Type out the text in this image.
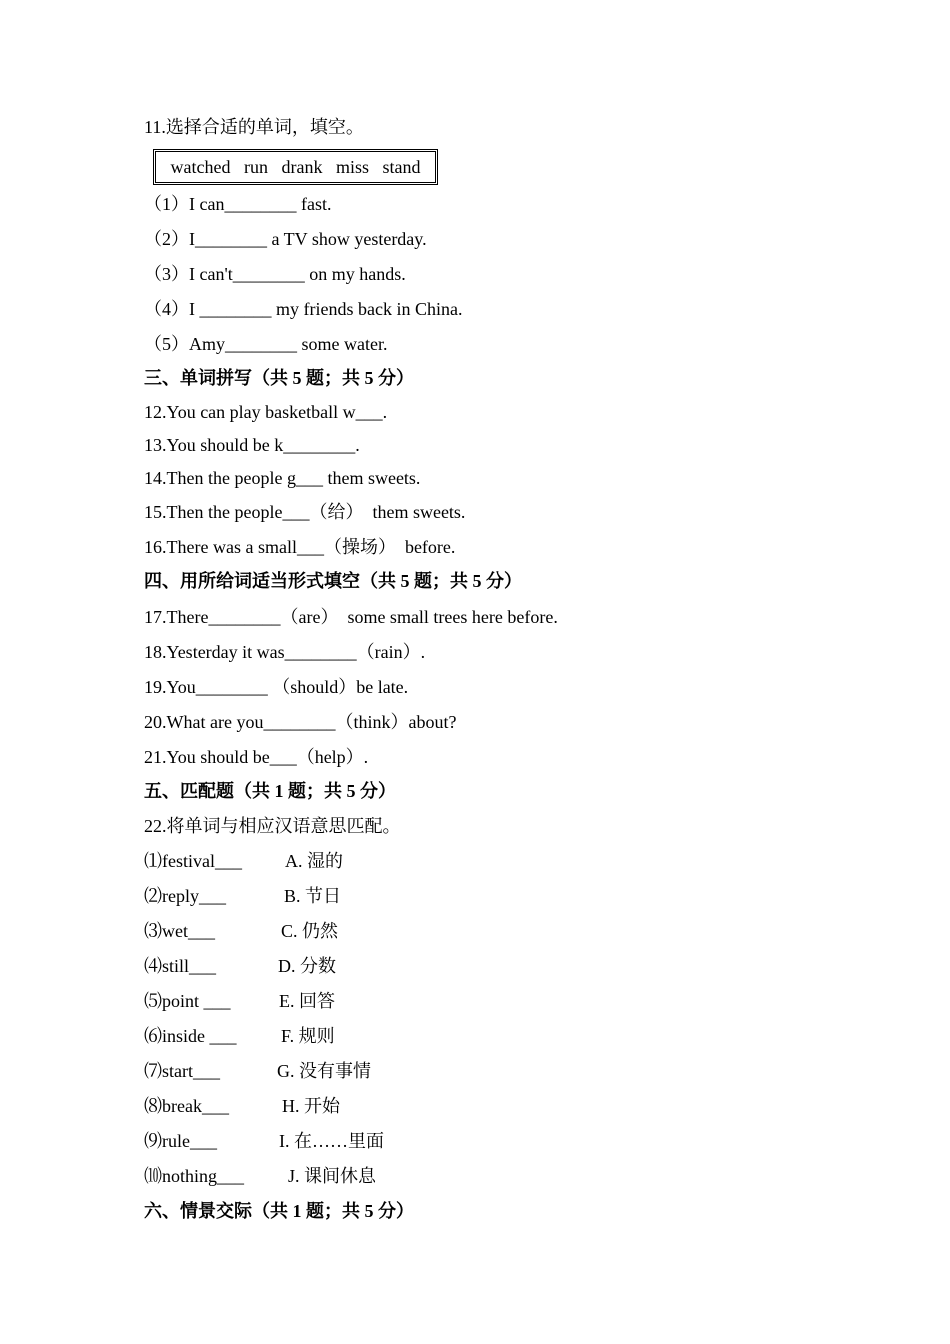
11.选择合适的单词，填空。
watched   run   drank   miss   stand
（1）I can________ fast.
（2）I________ a TV show yesterday.
（3）I can't________ on my hands.
（4）I ________ my friends back in China.
（5）Amy________ some water.
三、单词拼写（共 5 题；共 5 分）
12.You can play basketball w___.
13.You should be k________.
14.Then the people g___ them sweets.
15.Then the people___（给）  them sweets.
16.There was a small___（操场）  before.
四、用所给词适当形式填空（共 5 题；共 5 分）
17.There________（are）  some small trees here before.
18.Yesterday it was________（rain）.
19.You________ （should）be late.
20.What are you________（think）about?
21.You should be___（help）.
五、匹配题（共 1 题；共 5 分）
22.将单词与相应汉语意思匹配。
⑴festival___ A. 湿的
⑵reply___	B. 节日
⑶wet___	C. 仍然
⑷still___	D. 分数
⑸point ___	E. 回答
⑹inside ___ F. 规则
⑺start___	G. 没有事情
⑻break___	H. 开始
⑼rule___	I. 在……里面
⑽nothing___ J. 课间休息
六、情景交际（共 1 题；共 5 分）
